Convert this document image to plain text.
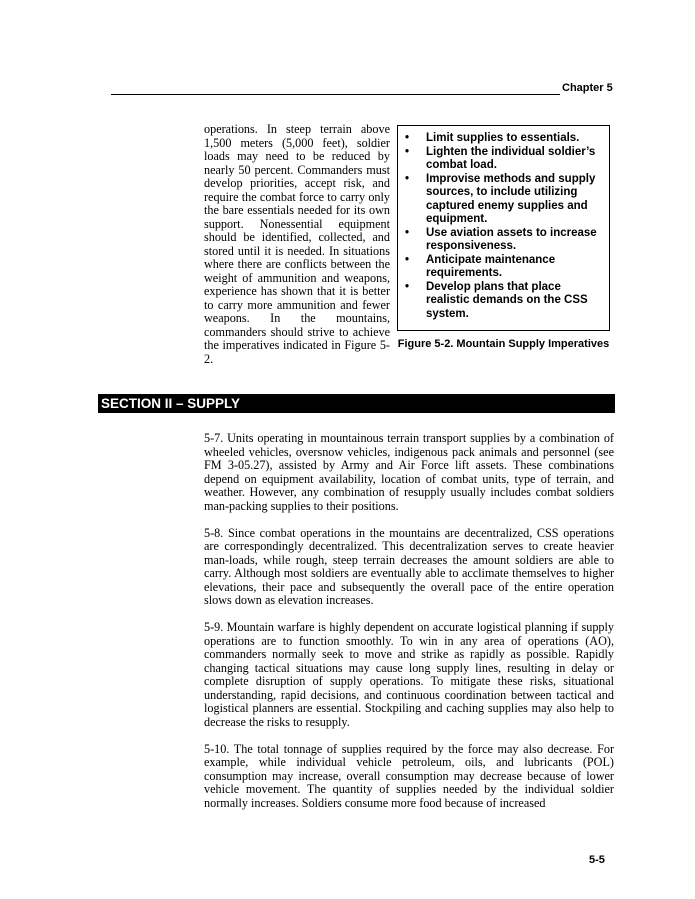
Chapter 5
operations. In steep terrain above 1,500 meters (5,000 feet), soldier loads may need to be reduced by nearly 50 percent. Commanders must develop priorities, accept risk, and require the combat force to carry only the bare essentials needed for its own support. Nonessential equipment should be identified, collected, and stored until it is needed. In situations where there are conflicts between the weight of ammunition and weapons, experience has shown that it is better to carry more ammunition and fewer weapons. In the mountains, commanders should strive to achieve the imperatives indicated in Figure 5-2.
• Limit supplies to essentials.
• Lighten the individual soldier’s combat load.
• Improvise methods and supply sources, to include utilizing captured enemy supplies and equipment.
• Use aviation assets to increase responsiveness.
• Anticipate maintenance requirements.
• Develop plans that place realistic demands on the CSS system.
Figure 5-2. Mountain Supply Imperatives
SECTION II – SUPPLY

5-7. Units operating in mountainous terrain transport supplies by a combination of wheeled vehicles, oversnow vehicles, indigenous pack animals and personnel (see FM 3-05.27), assisted by Army and Air Force lift assets. These combinations depend on equipment availability, location of combat units, type of terrain, and weather. However, any combination of resupply usually includes combat soldiers man-packing supplies to their positions.

5-8. Since combat operations in the mountains are decentralized, CSS operations are correspondingly decentralized. This decentralization serves to create heavier man-loads, while rough, steep terrain decreases the amount soldiers are able to carry. Although most soldiers are eventually able to acclimate themselves to higher elevations, their pace and subsequently the overall pace of the entire operation slows down as elevation increases.

5-9. Mountain warfare is highly dependent on accurate logistical planning if supply operations are to function smoothly. To win in any area of operations (AO), commanders normally seek to move and strike as rapidly as possible. Rapidly changing tactical situations may cause long supply lines, resulting in delay or complete disruption of supply operations. To mitigate these risks, situational understanding, rapid decisions, and continuous coordination between tactical and logistical planners are essential. Stockpiling and caching supplies may also help to decrease the risks to resupply.

5-10. The total tonnage of supplies required by the force may also decrease. For example, while individual vehicle petroleum, oils, and lubricants (POL) consumption may increase, overall consumption may decrease because of lower vehicle movement. The quantity of supplies needed by the individual soldier normally increases. Soldiers consume more food because of increased

5-5
